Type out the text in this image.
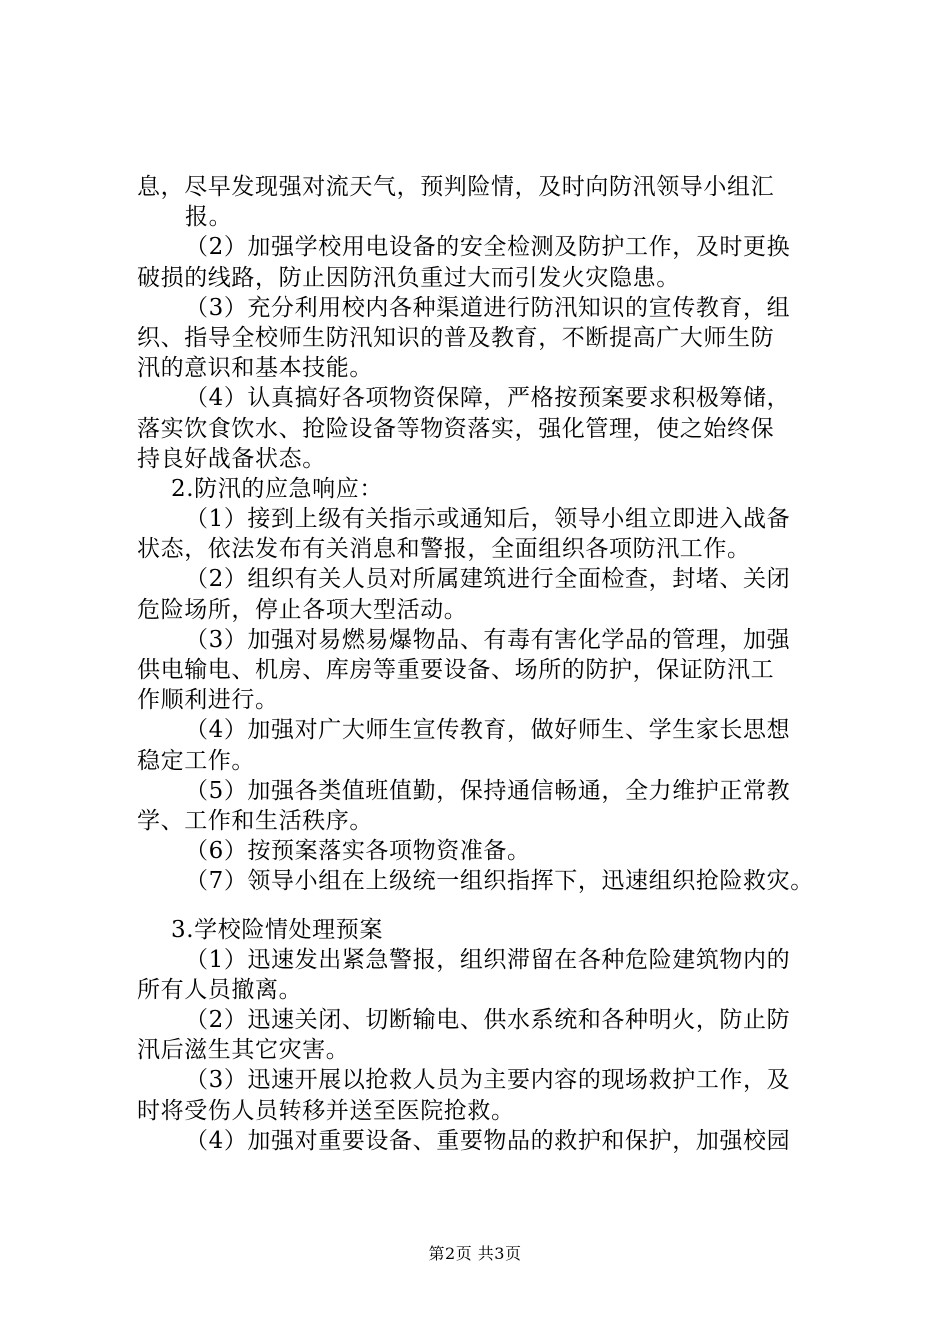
息，尽早发现强对流天气，预判险情，及时向防汛领导小组汇
报。
（2）加强学校用电设备的安全检测及防护工作，及时更换
破损的线路，防止因防汛负重过大而引发火灾隐患。
（3）充分利用校内各种渠道进行防汛知识的宣传教育，组
织、指导全校师生防汛知识的普及教育，不断提高广大师生防
汛的意识和基本技能。
（4）认真搞好各项物资保障，严格按预案要求积极筹储，
落实饮食饮水、抢险设备等物资落实，强化管理，使之始终保
持良好战备状态。
2.防汛的应急响应：
（1）接到上级有关指示或通知后，领导小组立即进入战备
状态，依法发布有关消息和警报，全面组织各项防汛工作。
（2）组织有关人员对所属建筑进行全面检查，封堵、关闭
危险场所，停止各项大型活动。
（3）加强对易燃易爆物品、有毒有害化学品的管理，加强
供电输电、机房、库房等重要设备、场所的防护，保证防汛工
作顺利进行。
（4）加强对广大师生宣传教育，做好师生、学生家长思想
稳定工作。
（5）加强各类值班值勤，保持通信畅通，全力维护正常教
学、工作和生活秩序。
（6）按预案落实各项物资准备。
（7）领导小组在上级统一组织指挥下，迅速组织抢险救灾。
3.学校险情处理预案
（1）迅速发出紧急警报，组织滞留在各种危险建筑物内的
所有人员撤离。
（2）迅速关闭、切断输电、供水系统和各种明火，防止防
汛后滋生其它灾害。
（3）迅速开展以抢救人员为主要内容的现场救护工作，及
时将受伤人员转移并送至医院抢救。
（4）加强对重要设备、重要物品的救护和保护，加强校园
第2页 共3页
